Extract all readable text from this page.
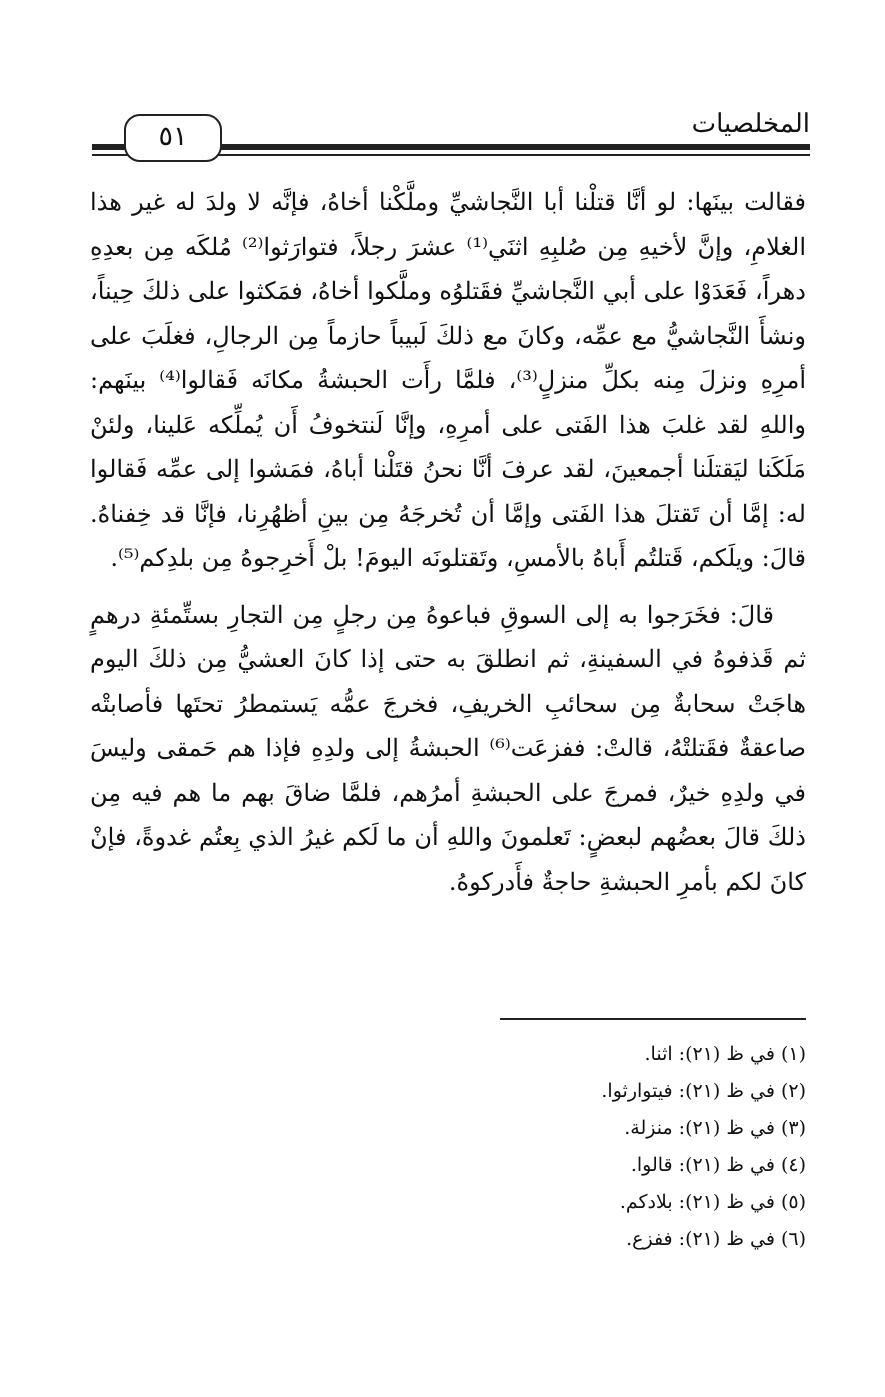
المخلصيات
٥١

فقالت بينَها: لو أنَّا قتلْنا أبا النَّجاشيِّ وملَّكْنا أخاهُ، فإنَّه لا ولدَ له غير هذا الغلامِ، وإنَّ لأخيهِ مِن صُلبِهِ اثنَي⁽¹⁾ عشرَ رجلاً، فتوارَثوا⁽²⁾ مُلكَه مِن بعدِهِ دهراً، فَعَدَوْا على أبي النَّجاشيِّ فقَتلوُه وملَّكوا أخاهُ، فمَكثوا على ذلكَ حِيناً، ونشأَ النَّجاشيُّ مع عمِّه، وكانَ مع ذلكَ لَبيباً حازماً مِن الرجالِ، فغلَبَ على أمرِهِ ونزلَ مِنه بكلِّ منزلٍ⁽³⁾، فلمَّا رأَت الحبشةُ مكانَه فَقالوا⁽⁴⁾ بينَهم: واللهِ لقد غلبَ هذا الفَتى على أمرِهِ، وإنَّا لَنتخوفُ أَن يُملِّكه عَلينا، ولئنْ مَلَكَنا ليَقتلَنا أجمعينَ، لقد عرفَ أنَّا نحنُ قتَلْنا أباهُ، فمَشوا إلى عمِّه فَقالوا له: إمَّا أن تَقتلَ هذا الفَتى وإمَّا أن تُخرجَهُ مِن بينِ أظهُرِنا، فإنَّا قد خِفناهُ. قالَ: ويلَكم، قَتلتُم أَباهُ بالأمسِ، وتَقتلونَه اليومَ! بلْ أَخرِجوهُ مِن بلدِكم⁽⁵⁾.

قالَ: فخَرَجوا به إلى السوقِ فباعوهُ مِن رجلٍ مِن التجارِ بستِّمئةِ درهمٍ ثم قَذفوهُ في السفينةِ، ثم انطلقَ به حتى إذا كانَ العشيُّ مِن ذلكَ اليوم هاجَتْ سحابةٌ مِن سحائبِ الخريفِ، فخرجَ عمُّه يَستمطرُ تحتَها فأصابتْه صاعقةٌ فقَتلتْهُ، قالتْ: ففزعَت⁽⁶⁾ الحبشةُ إلى ولدِهِ فإذا هم حَمقى وليسَ في ولدِهِ خيرٌ، فمرجَ على الحبشةِ أمرُهم، فلمَّا ضاقَ بهم ما هم فيه مِن ذلكَ قالَ بعضُهم لبعضٍ: تَعلمونَ واللهِ أن ما لَكم غيرُ الذي بِعتُم غدوةً، فإنْ كانَ لكم بأمرِ الحبشةِ حاجةٌ فأَدركوهُ.

(١) في ظ (٢١): اثنا.
(٢) في ظ (٢١): فيتوارثوا.
(٣) في ظ (٢١): منزلة.
(٤) في ظ (٢١): قالوا.
(٥) في ظ (٢١): بلادكم.
(٦) في ظ (٢١): ففزع.
